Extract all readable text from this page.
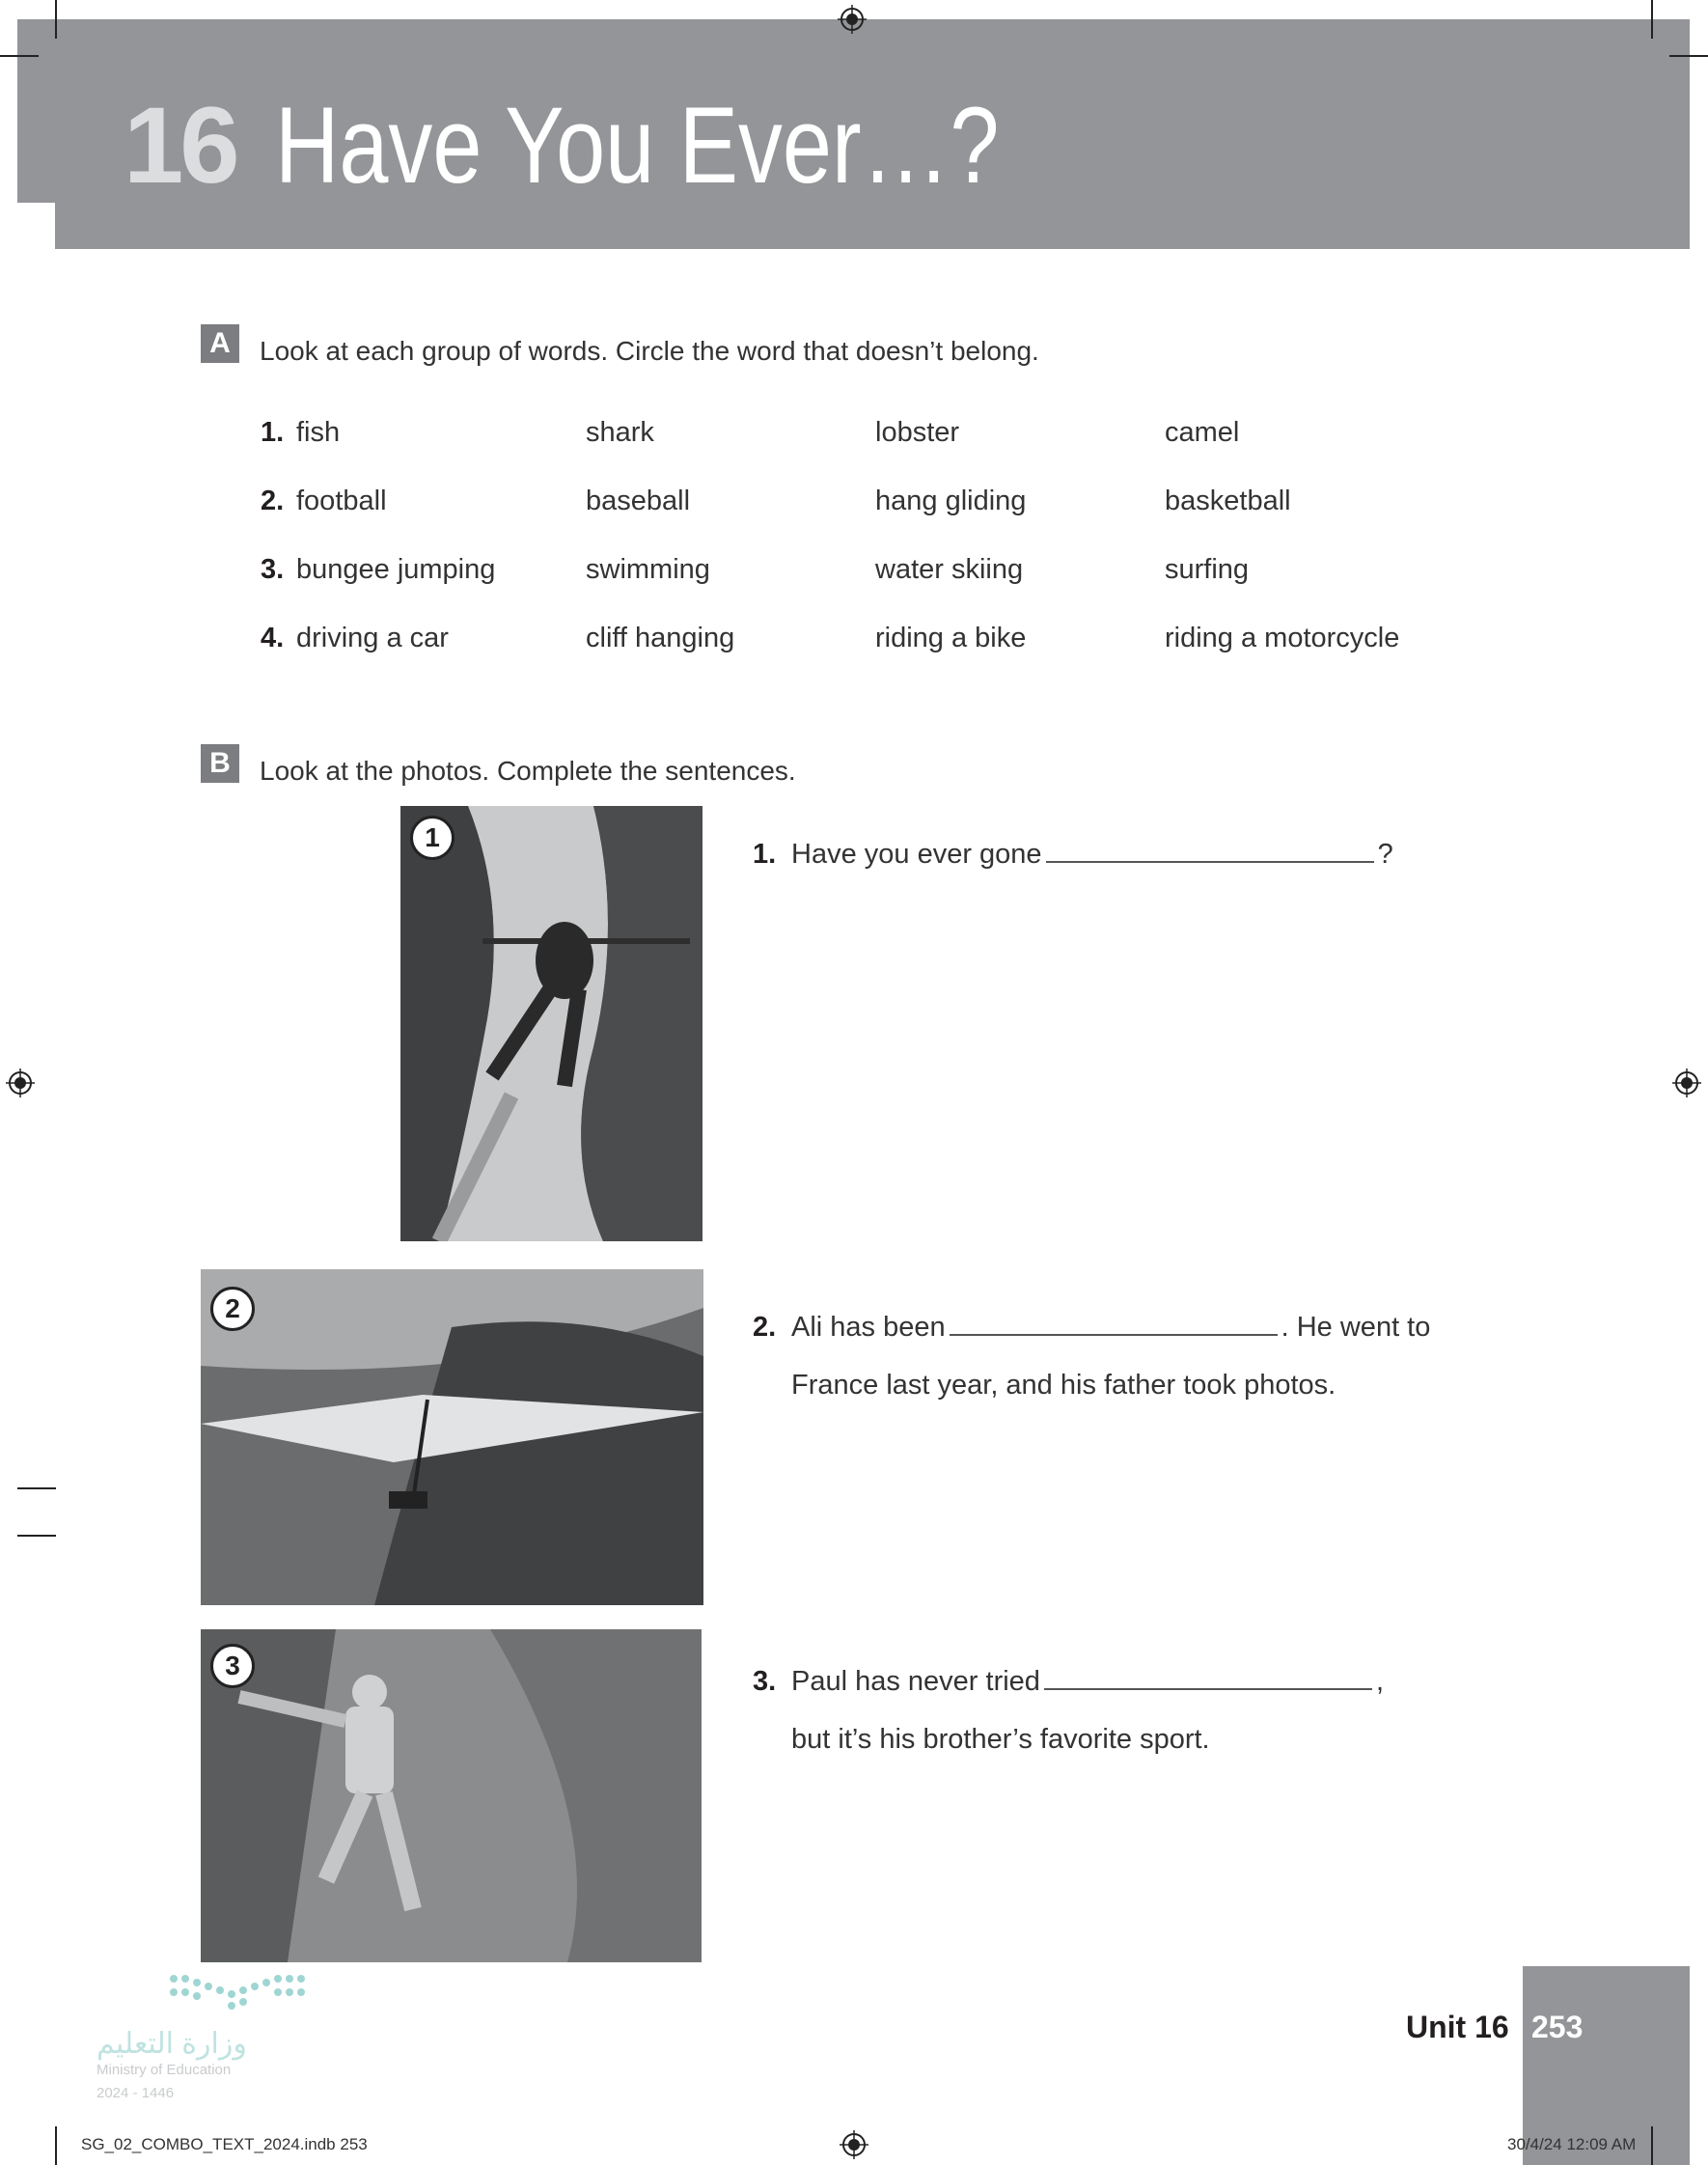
16 Have You Ever…?
A	Look at each group of words. Circle the word that doesn’t belong.
1. fish	shark	lobster	camel
2. football	baseball	hang gliding	basketball
3. bungee jumping	swimming	water skiing	surfing
4. driving a car	cliff hanging	riding a bike	riding a motorcycle
B	Look at the photos. Complete the sentences.
1
2
3
1. Have you ever gone	?
2. Ali has been	. He went to
France last year, and his father took photos.
3. Paul has never tried	,
but it’s his brother’s favorite sport.
وزارة التعليم
Ministry of Education
2024 - 1446
Unit 16 253
SG_02_COMBO_TEXT_2024.indb 253	30/4/24 12:09 AM
